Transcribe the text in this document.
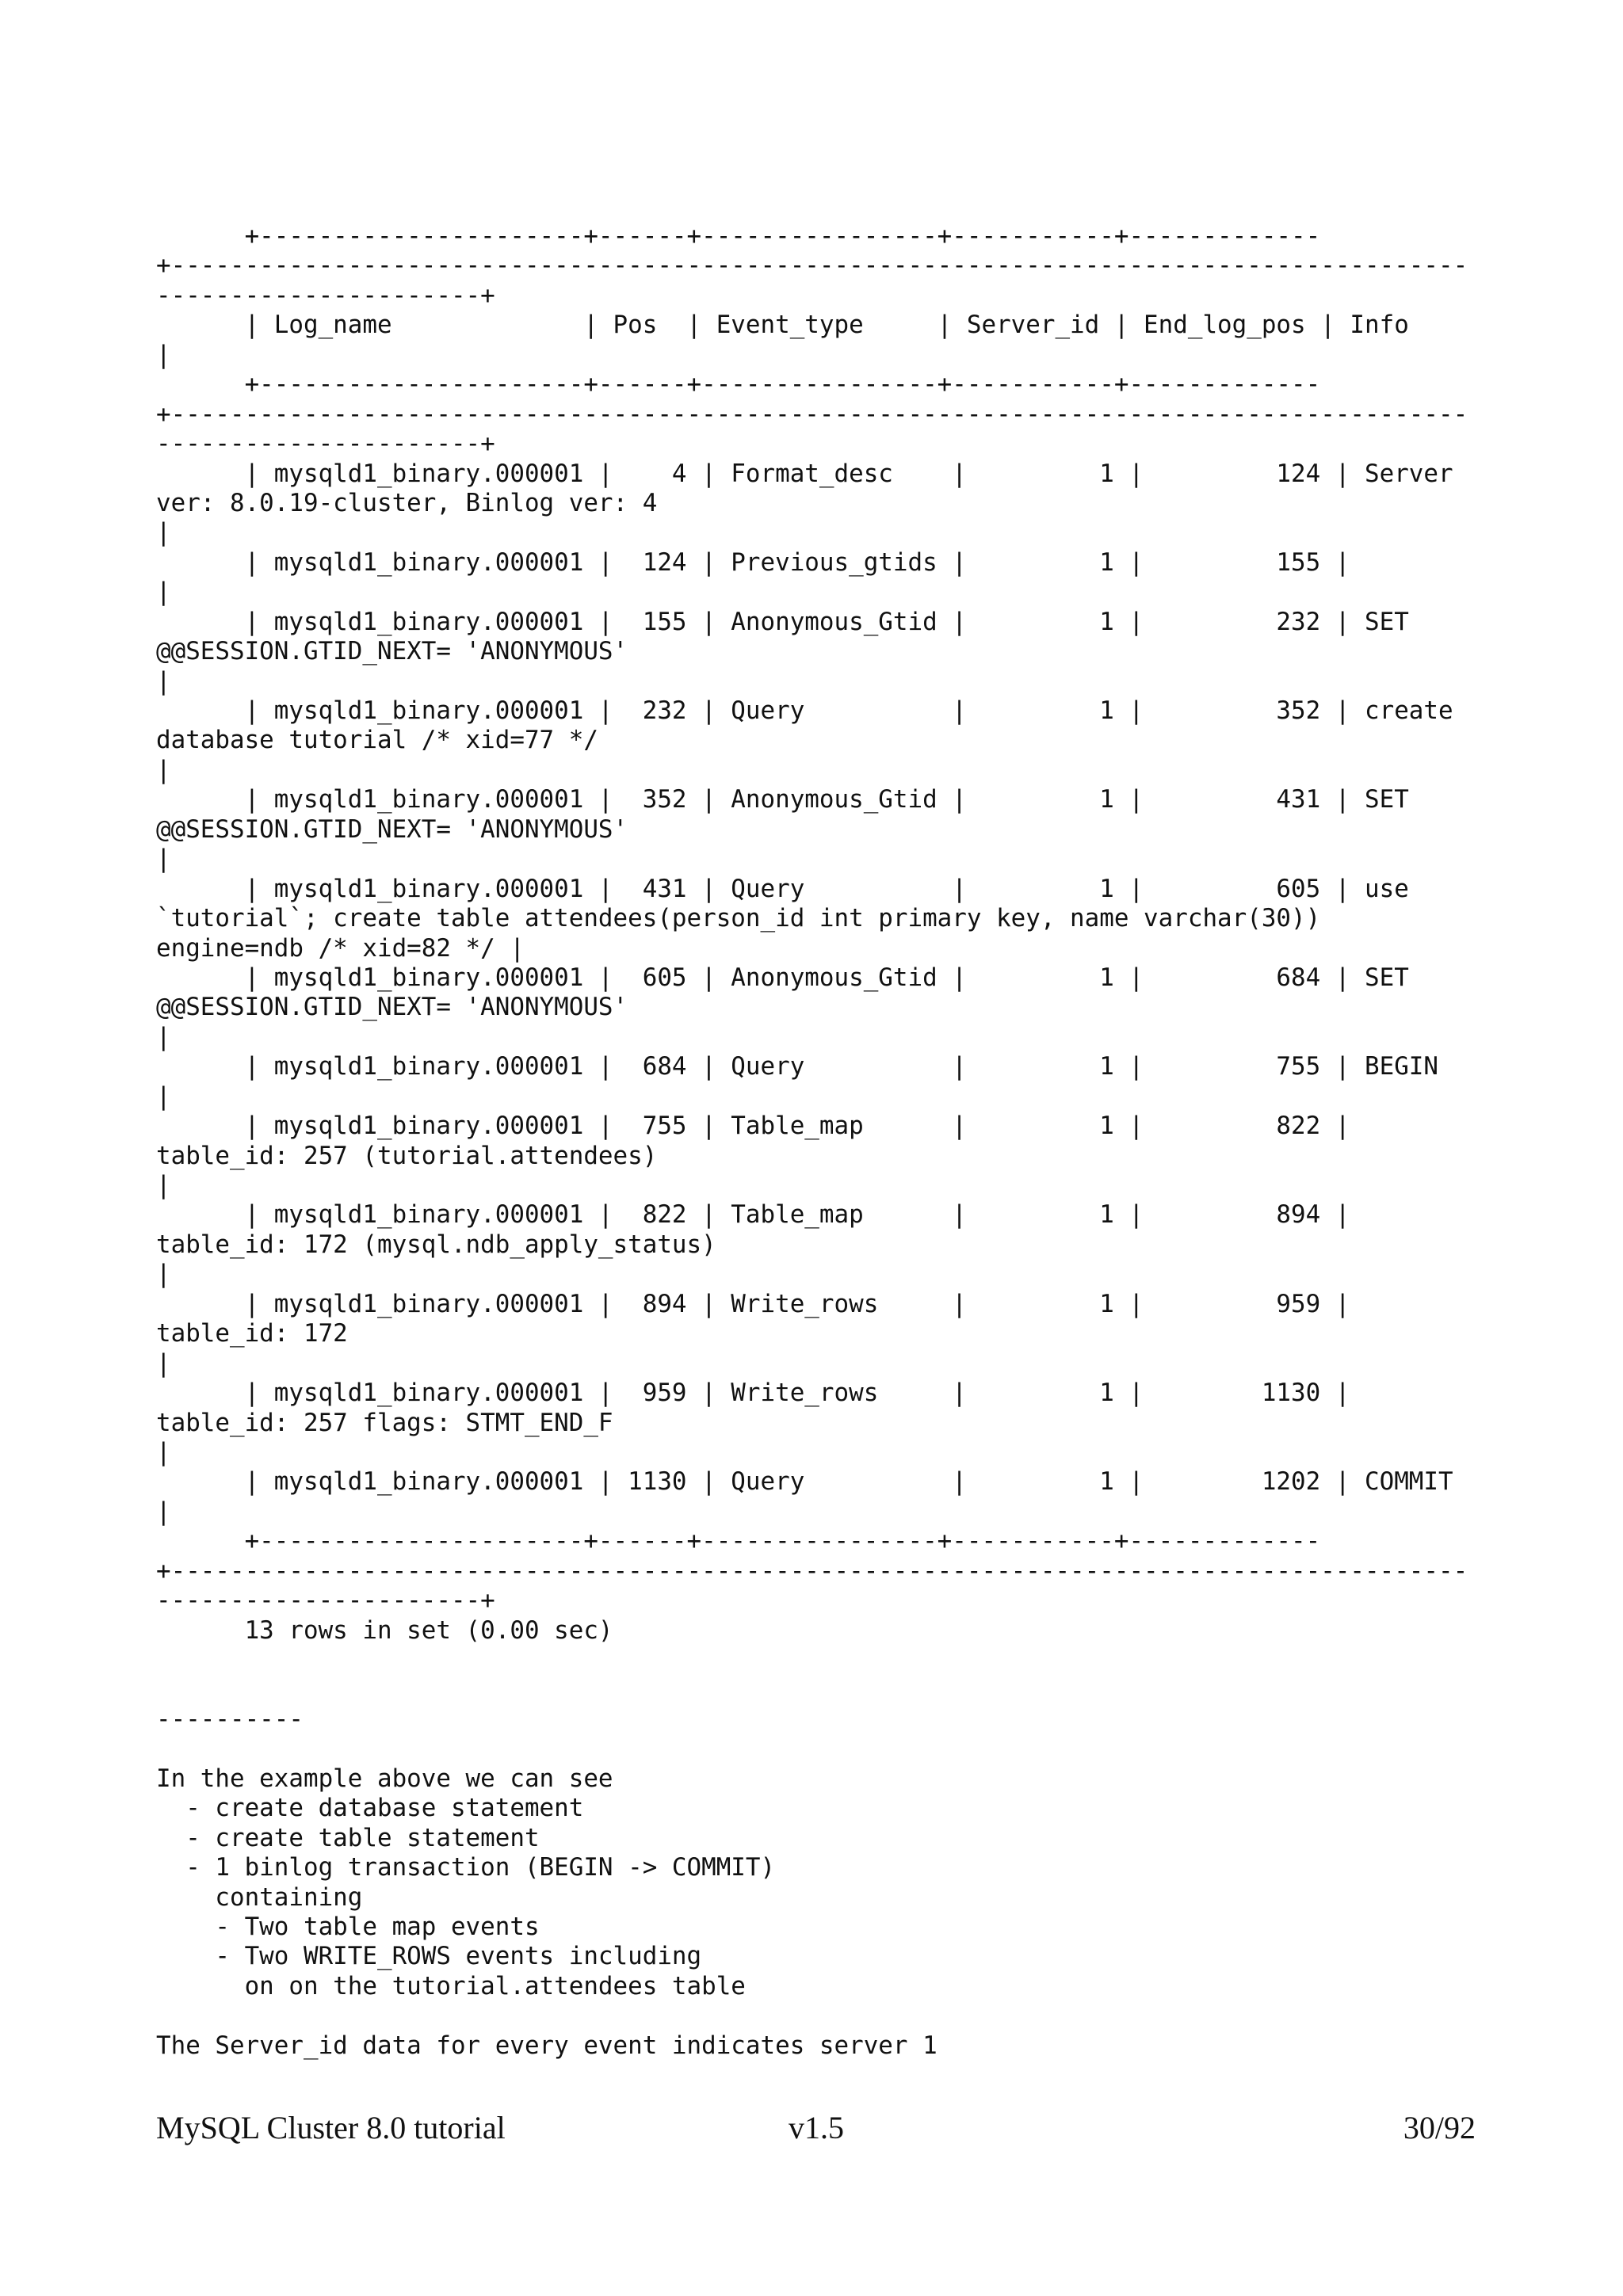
+----------------------+------+----------------+-----------+-------------
+----------------------------------------------------------------------------------------
----------------------+
| Log_name             | Pos  | Event_type     | Server_id | End_log_pos | Info
|
+----------------------+------+----------------+-----------+-------------
+----------------------------------------------------------------------------------------
----------------------+
| mysqld1_binary.000001 |    4 | Format_desc    |         1 |         124 | Server
ver: 8.0.19-cluster, Binlog ver: 4
|
| mysqld1_binary.000001 |  124 | Previous_gtids |         1 |         155 |
|
| mysqld1_binary.000001 |  155 | Anonymous_Gtid |         1 |         232 | SET
@@SESSION.GTID_NEXT= 'ANONYMOUS'
|
| mysqld1_binary.000001 |  232 | Query          |         1 |         352 | create
database tutorial /* xid=77 */
|
| mysqld1_binary.000001 |  352 | Anonymous_Gtid |         1 |         431 | SET
@@SESSION.GTID_NEXT= 'ANONYMOUS'
|
| mysqld1_binary.000001 |  431 | Query          |         1 |         605 | use
`tutorial`; create table attendees(person_id int primary key, name varchar(30))
engine=ndb /* xid=82 */ |
| mysqld1_binary.000001 |  605 | Anonymous_Gtid |         1 |         684 | SET
@@SESSION.GTID_NEXT= 'ANONYMOUS'
|
| mysqld1_binary.000001 |  684 | Query          |         1 |         755 | BEGIN
|
| mysqld1_binary.000001 |  755 | Table_map      |         1 |         822 |
table_id: 257 (tutorial.attendees)
|
| mysqld1_binary.000001 |  822 | Table_map      |         1 |         894 |
table_id: 172 (mysql.ndb_apply_status)
|
| mysqld1_binary.000001 |  894 | Write_rows     |         1 |         959 |
table_id: 172
|
| mysqld1_binary.000001 |  959 | Write_rows     |         1 |        1130 |
table_id: 257 flags: STMT_END_F
|
| mysqld1_binary.000001 | 1130 | Query          |         1 |        1202 | COMMIT
|
+----------------------+------+----------------+-----------+-------------
+----------------------------------------------------------------------------------------
----------------------+
13 rows in set (0.00 sec)
----------
In the example above we can see
- create database statement
- create table statement
- 1 binlog transaction (BEGIN -> COMMIT)
containing
- Two table map events
- Two WRITE_ROWS events including
on on the tutorial.attendees table
The Server_id data for every event indicates server 1
MySQL Cluster 8.0 tutorial	v1.5	30/92
